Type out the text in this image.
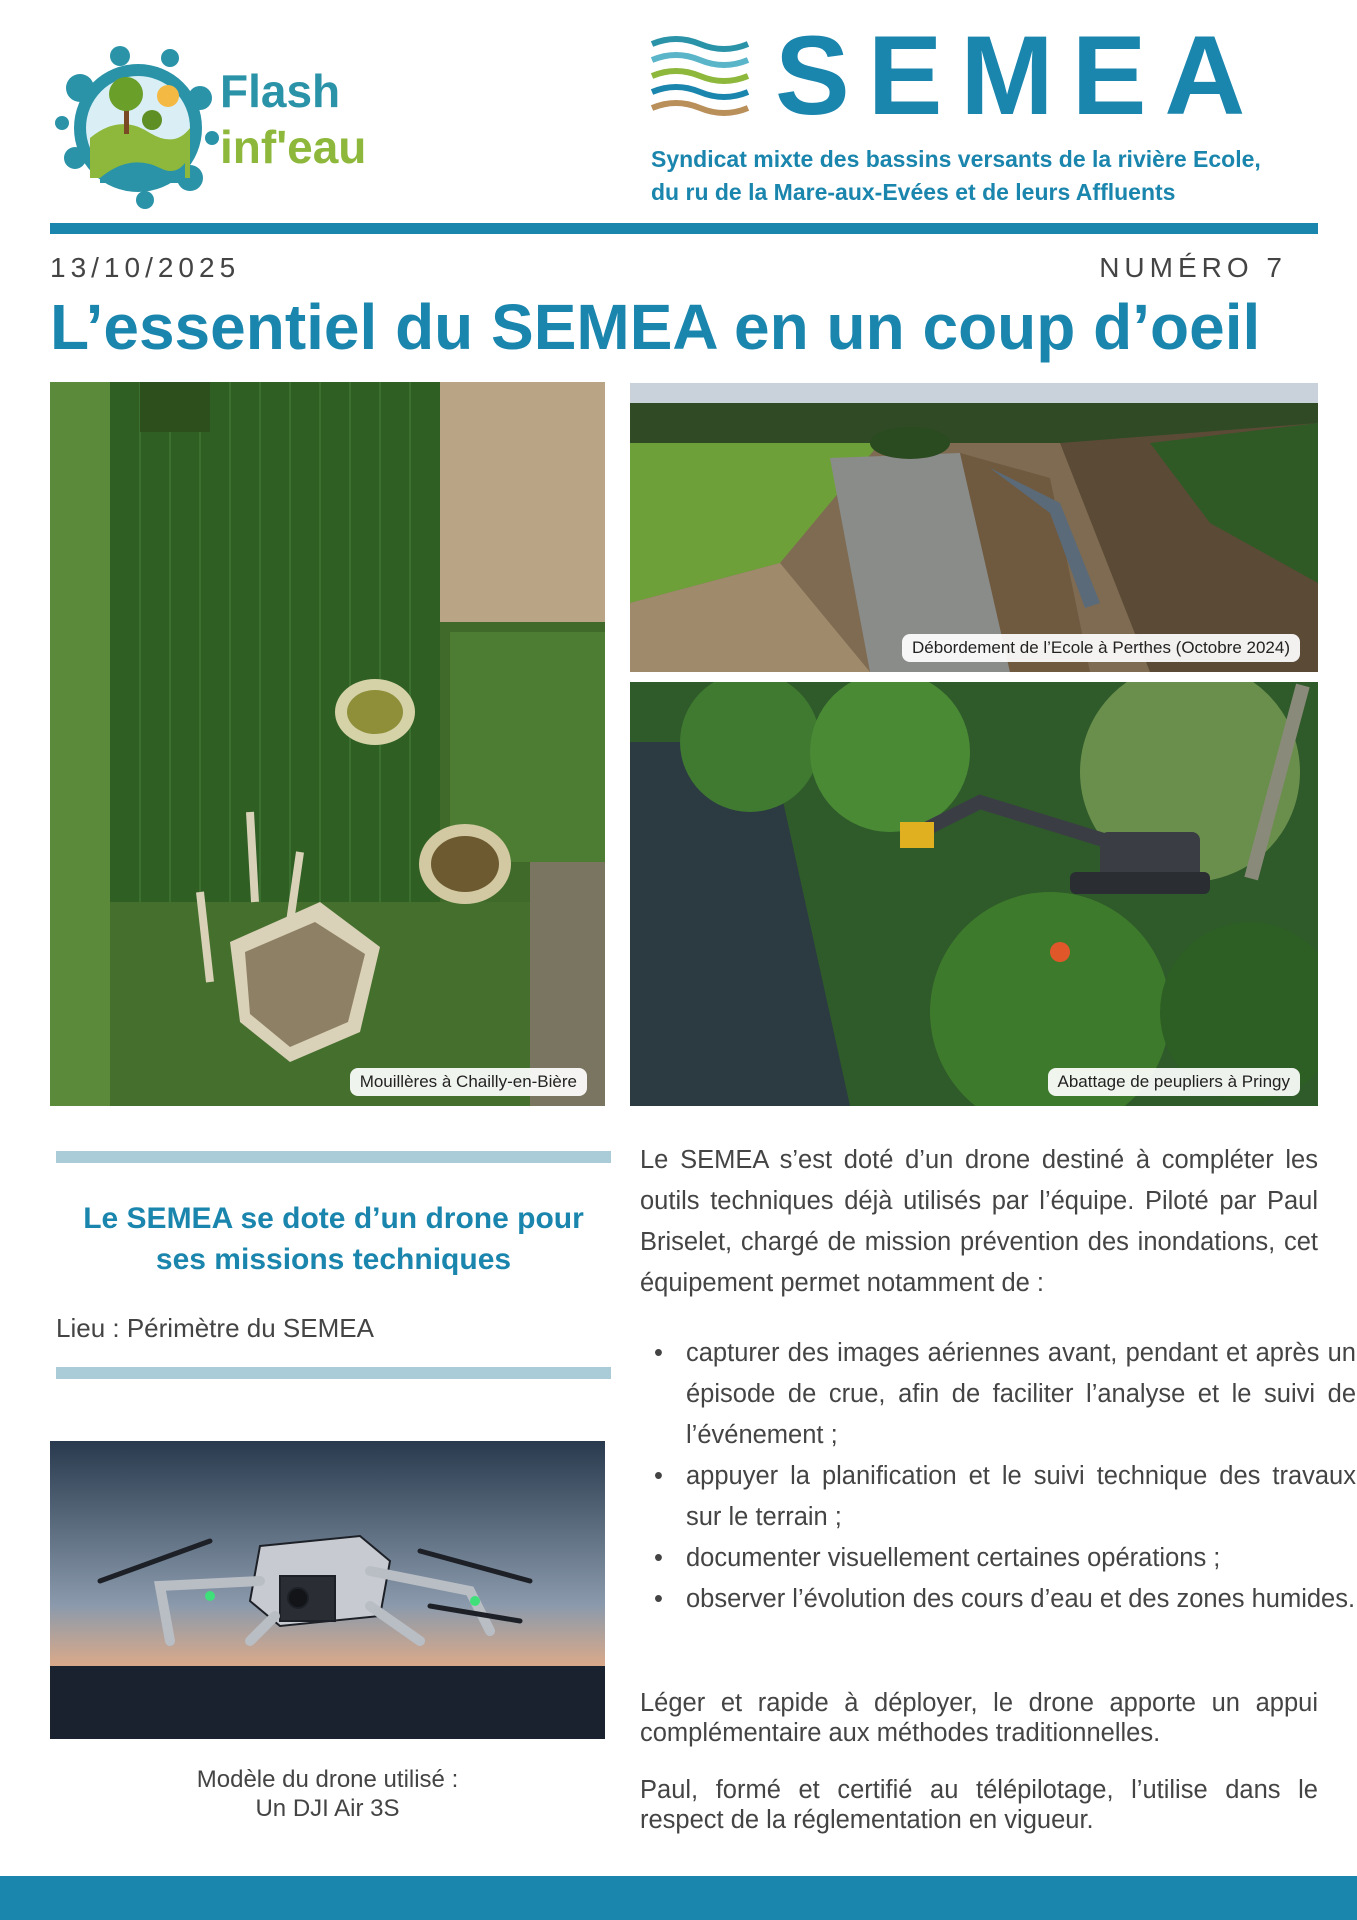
Flash
inf'eau
SEMEA
Syndicat mixte des bassins versants de la rivière Ecole,
du ru de la Mare-aux-Evées et de leurs Affluents
13/10/2025	NUMÉRO 7
L’essentiel du SEMEA en un coup d’oeil
Mouillères à Chailly-en-Bière
Débordement de l’Ecole à Perthes (Octobre 2024)
Abattage de peupliers à Pringy
Le SEMEA se dote d’un drone pour ses missions techniques
Lieu : Périmètre du SEMEA
Modèle du drone utilisé :
Un DJI Air 3S
Le SEMEA s’est doté d’un drone destiné à compléter les outils techniques déjà utilisés par l’équipe. Piloté par Paul Briselet, chargé de mission prévention des inondations, cet équipement permet notamment de :
• capturer des images aériennes avant, pendant et après un épisode de crue, afin de faciliter l’analyse et le suivi de l’événement ;
• appuyer la planification et le suivi technique des travaux sur le terrain ;
• documenter visuellement certaines opérations ;
• observer l’évolution des cours d’eau et des zones humides.
Léger et rapide à déployer, le drone apporte un appui complémentaire aux méthodes traditionnelles.
Paul, formé et certifié au télépilotage, l’utilise dans le respect de la réglementation en vigueur.
